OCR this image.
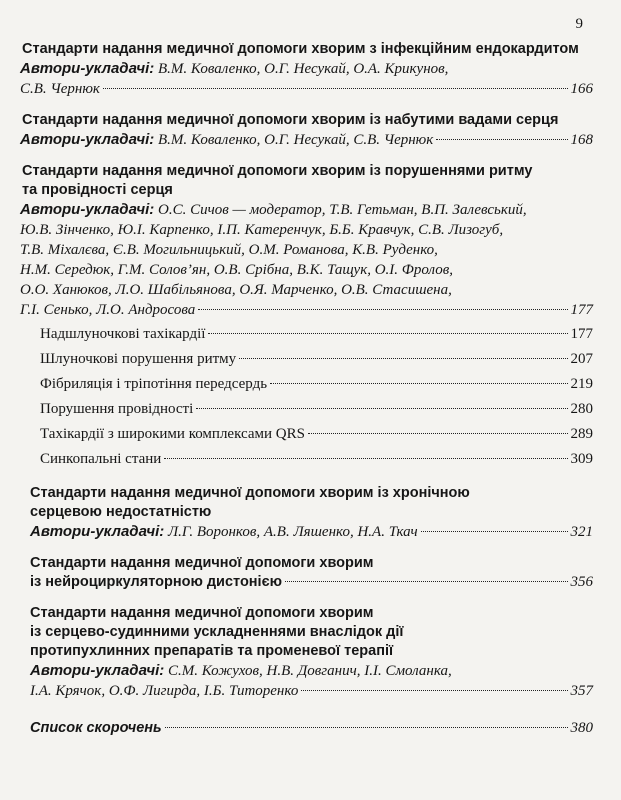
9
Стандарти надання медичної допомоги хворим з інфекційним ендокардитом
Автори-укладачі: В.М. Коваленко, О.Г. Несукай, О.А. Крикунов,
С.В. Чернюк	166
Стандарти надання медичної допомоги хворим із набутими вадами серця
Автори-укладачі: В.М. Коваленко, О.Г. Несукай, С.В. Чернюк	168
Стандарти надання медичної допомоги хворим із порушеннями ритму
та провідності серця
Автори-укладачі: О.С. Сичов — модератор, Т.В. Гетьман, В.П. Залевський,
Ю.В. Зінченко, Ю.І. Карпенко, І.П. Катеренчук, Б.Б. Кравчук, С.В. Лизогуб,
Т.В. Міхалєва, Є.В. Могильницький, О.М. Романова, К.В. Руденко,
Н.М. Середюк, Г.М. Солов’ян, О.В. Срібна, В.К. Тащук, О.І. Фролов,
О.О. Ханюков, Л.О. Шабільянова, О.Я. Марченко, О.В. Стасишена,
Г.І. Сенько, Л.О. Андросова	177
Надшлуночкові тахікардії	177
Шлуночкові порушення ритму	207
Фібриляція і тріпотіння передсердь	219
Порушення провідності	280
Тахікардії з широкими комплексами QRS	289
Синкопальні стани	309
Стандарти надання медичної допомоги хворим із хронічною
серцевою недостатністю
Автори-укладачі: Л.Г. Воронков, А.В. Ляшенко, Н.А. Ткач	321
Стандарти надання медичної допомоги хворим
із нейроциркуляторною дистонією	356
Стандарти надання медичної допомоги хворим
із серцево-судинними ускладненнями внаслідок дії
протипухлинних препаратів та променевої терапії
Автори-укладачі: С.М. Кожухов, Н.В. Довганич, І.І. Смоланка,
І.А. Крячок, О.Ф. Лигирда, І.Б. Титоренко	357
Список скорочень	380
